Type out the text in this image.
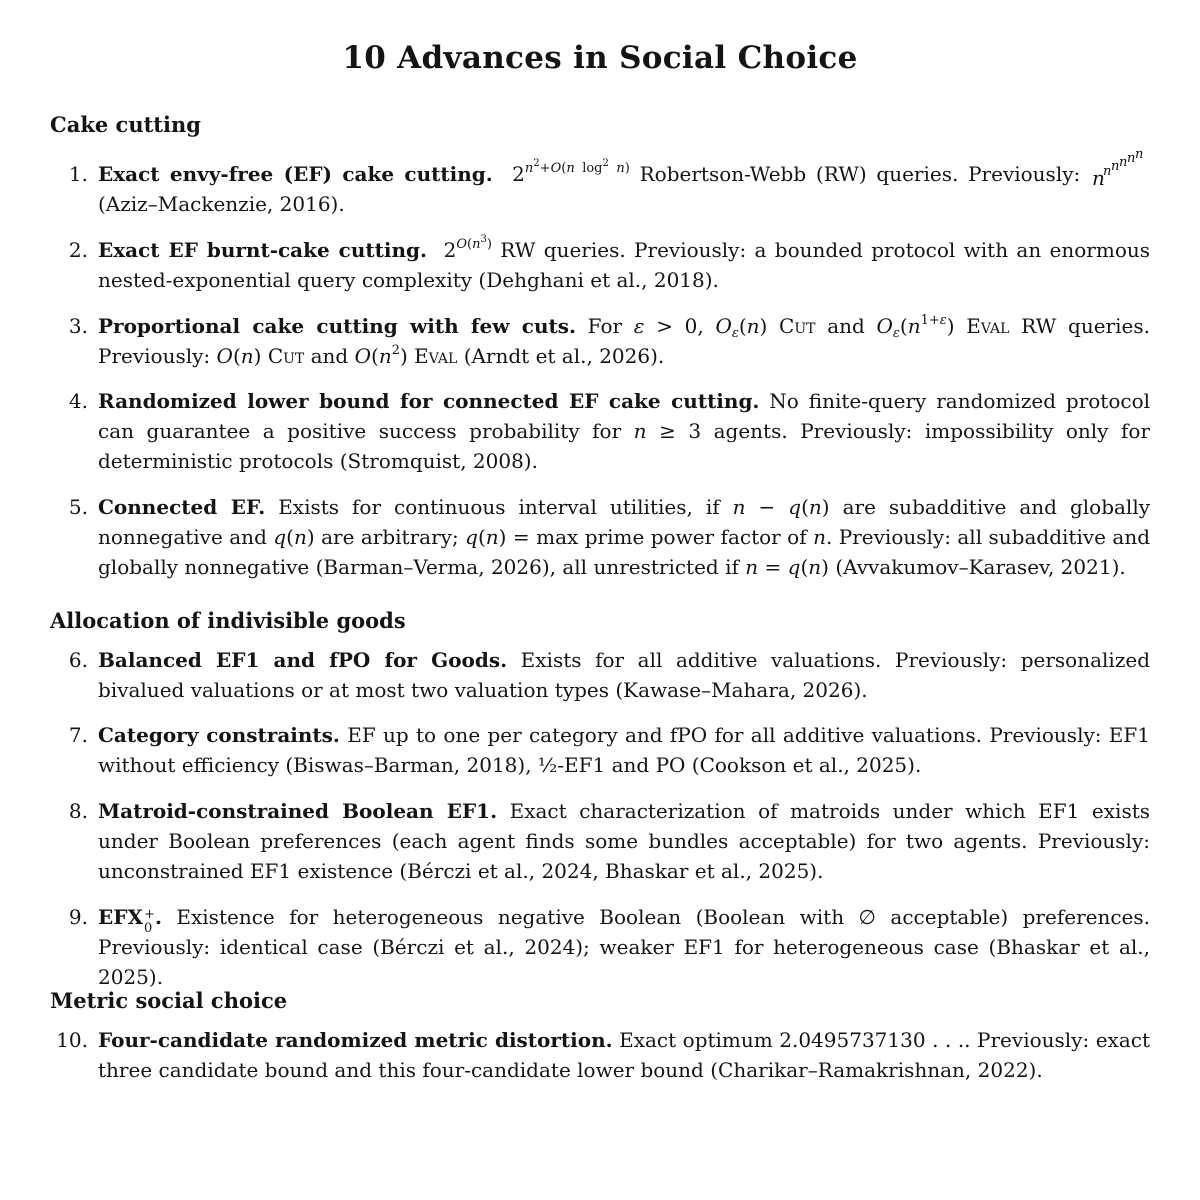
10 Advances in Social Choice
Cake cutting
1. Exact envy-free (EF) cake cutting.  $2^{n^2+O(n log^2 n)}$ Robertson-Webb (RW) queries. Previously: n
n n n n n
(Aziz–Mackenzie, 2016).
2. Exact EF burnt-cake cutting.  $2^{O(n^3)}$ RW queries. Previously: a bounded protocol with an enormous nested-exponential query complexity (Dehghani et al., 2018).
3. Proportional cake cutting with few cuts. For ε > 0, $O_\varepsilon(n)$ Cut and $O_\varepsilon(n^{1+\varepsilon})$ Eval RW queries. Previously: O(n) Cut and $O(n^2)$ Eval (Arndt et al., 2026).
4. Randomized lower bound for connected EF cake cutting. No finite-query randomized protocol can guarantee a positive success probability for n ≥ 3 agents. Previously: impossibility only for deterministic protocols (Stromquist, 2008).
5. Connected EF. Exists for continuous interval utilities, if n − q(n) are subadditive and globally nonnegative and q(n) are arbitrary; q(n) = max prime power factor of n. Previously: all subadditive and globally nonnegative (Barman–Verma, 2026), all unrestricted if n = q(n) (Avvakumov–Karasev, 2021).
Allocation of indivisible goods
6. Balanced EF1 and fPO for Goods. Exists for all additive valuations. Previously: personalized bivalued valuations or at most two valuation types (Kawase–Mahara, 2026).
7. Category constraints. EF up to one per category and fPO for all additive valuations. Previously: EF1 without efficiency (Biswas–Barman, 2018), ½-EF1 and PO (Cookson et al., 2025).
8. Matroid-constrained Boolean EF1. Exact characterization of matroids under which EF1 exists under Boolean preferences (each agent finds some bundles acceptable) for two agents. Previously: unconstrained EF1 existence (Bérczi et al., 2024, Bhaskar et al., 2025).
9. EFX +
0 . Existence for heterogeneous negative Boolean (Boolean with ∅ acceptable) preferences. Previously: identical case (Bérczi et al., 2024); weaker EF1 for heterogeneous case (Bhaskar et al., 2025).
Metric social choice
10. Four-candidate randomized metric distortion. Exact optimum 2.0495737130 . . .. Previously: exact three candidate bound and this four-candidate lower bound (Charikar–Ramakrishnan, 2022).
